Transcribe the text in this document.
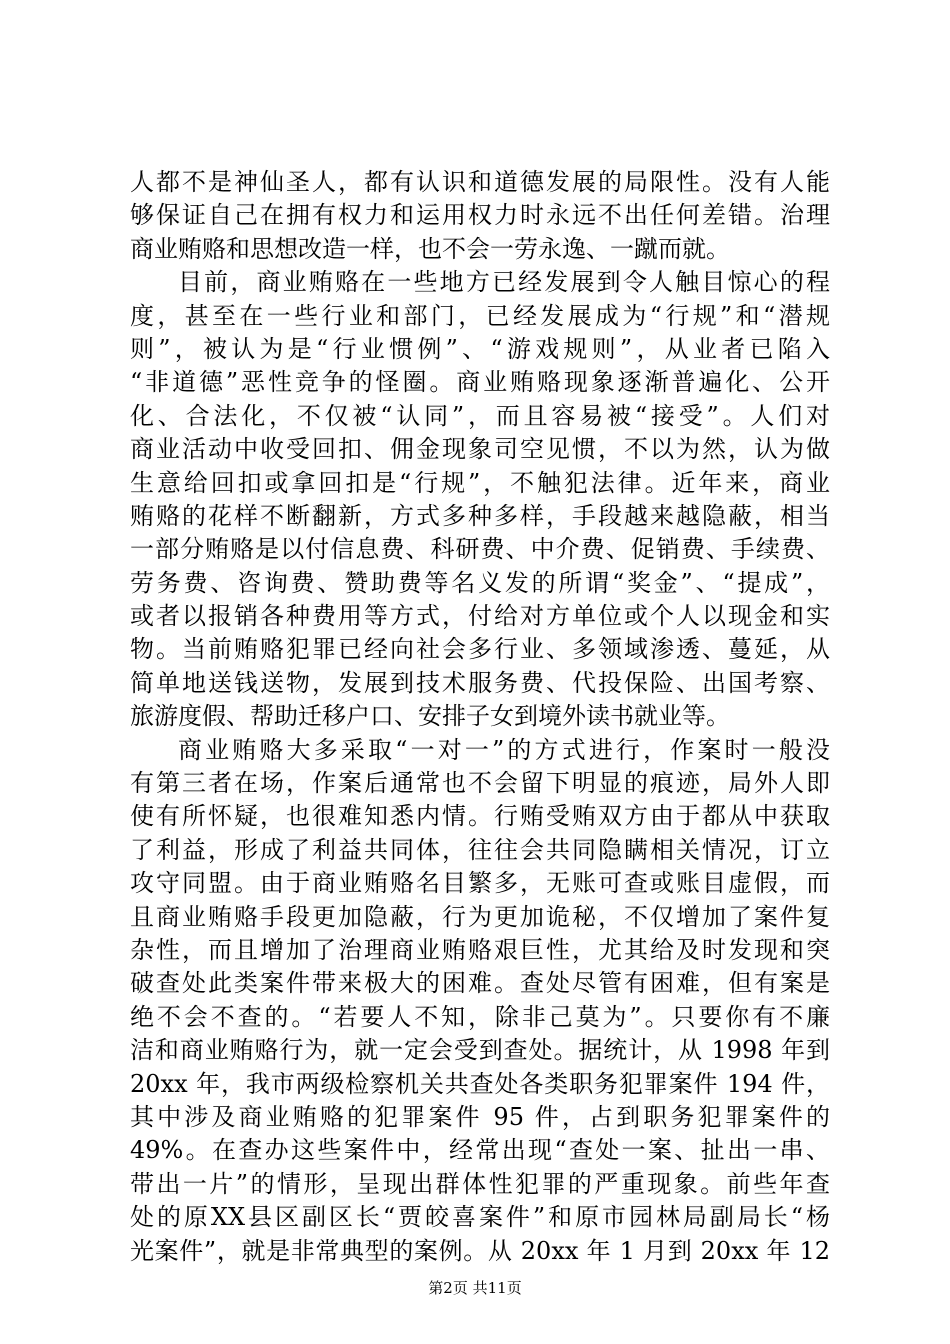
人都不是神仙圣人，都有认识和道德发展的局限性。没有人能
够保证自己在拥有权力和运用权力时永远不出任何差错。治理
商业贿赂和思想改造一样，也不会一劳永逸、一蹴而就。
目前，商业贿赂在一些地方已经发展到令人触目惊心的程
度，甚至在一些行业和部门，已经发展成为“行规”和“潜规
则”，被认为是“行业惯例”、“游戏规则”，从业者已陷入
“非道德”恶性竞争的怪圈。商业贿赂现象逐渐普遍化、公开
化、合法化，不仅被“认同”，而且容易被“接受”。人们对
商业活动中收受回扣、佣金现象司空见惯，不以为然，认为做
生意给回扣或拿回扣是“行规”，不触犯法律。近年来，商业
贿赂的花样不断翻新，方式多种多样，手段越来越隐蔽，相当
一部分贿赂是以付信息费、科研费、中介费、促销费、手续费、
劳务费、咨询费、赞助费等名义发的所谓“奖金”、“提成”，
或者以报销各种费用等方式，付给对方单位或个人以现金和实
物。当前贿赂犯罪已经向社会多行业、多领域渗透、蔓延，从
简单地送钱送物，发展到技术服务费、代投保险、出国考察、
旅游度假、帮助迁移户口、安排子女到境外读书就业等。
商业贿赂大多采取“一对一”的方式进行，作案时一般没
有第三者在场，作案后通常也不会留下明显的痕迹，局外人即
使有所怀疑，也很难知悉内情。行贿受贿双方由于都从中获取
了利益，形成了利益共同体，往往会共同隐瞒相关情况，订立
攻守同盟。由于商业贿赂名目繁多，无账可查或账目虚假，而
且商业贿赂手段更加隐蔽，行为更加诡秘，不仅增加了案件复
杂性，而且增加了治理商业贿赂艰巨性，尤其给及时发现和突
破查处此类案件带来极大的困难。查处尽管有困难，但有案是
绝不会不查的。“若要人不知，除非己莫为”。只要你有不廉
洁和商业贿赂行为，就一定会受到查处。据统计，从 1998 年到
20xx 年，我市两级检察机关共查处各类职务犯罪案件 194 件，
其中涉及商业贿赂的犯罪案件 95 件，占到职务犯罪案件的
49%。在查办这些案件中，经常出现“查处一案、扯出一串、
带出一片”的情形，呈现出群体性犯罪的严重现象。前些年查
处的原XX县区副区长“贾皎喜案件”和原市园林局副局长“杨
光案件”，就是非常典型的案例。从 20xx 年 1 月到 20xx 年 12
第2页 共11页
